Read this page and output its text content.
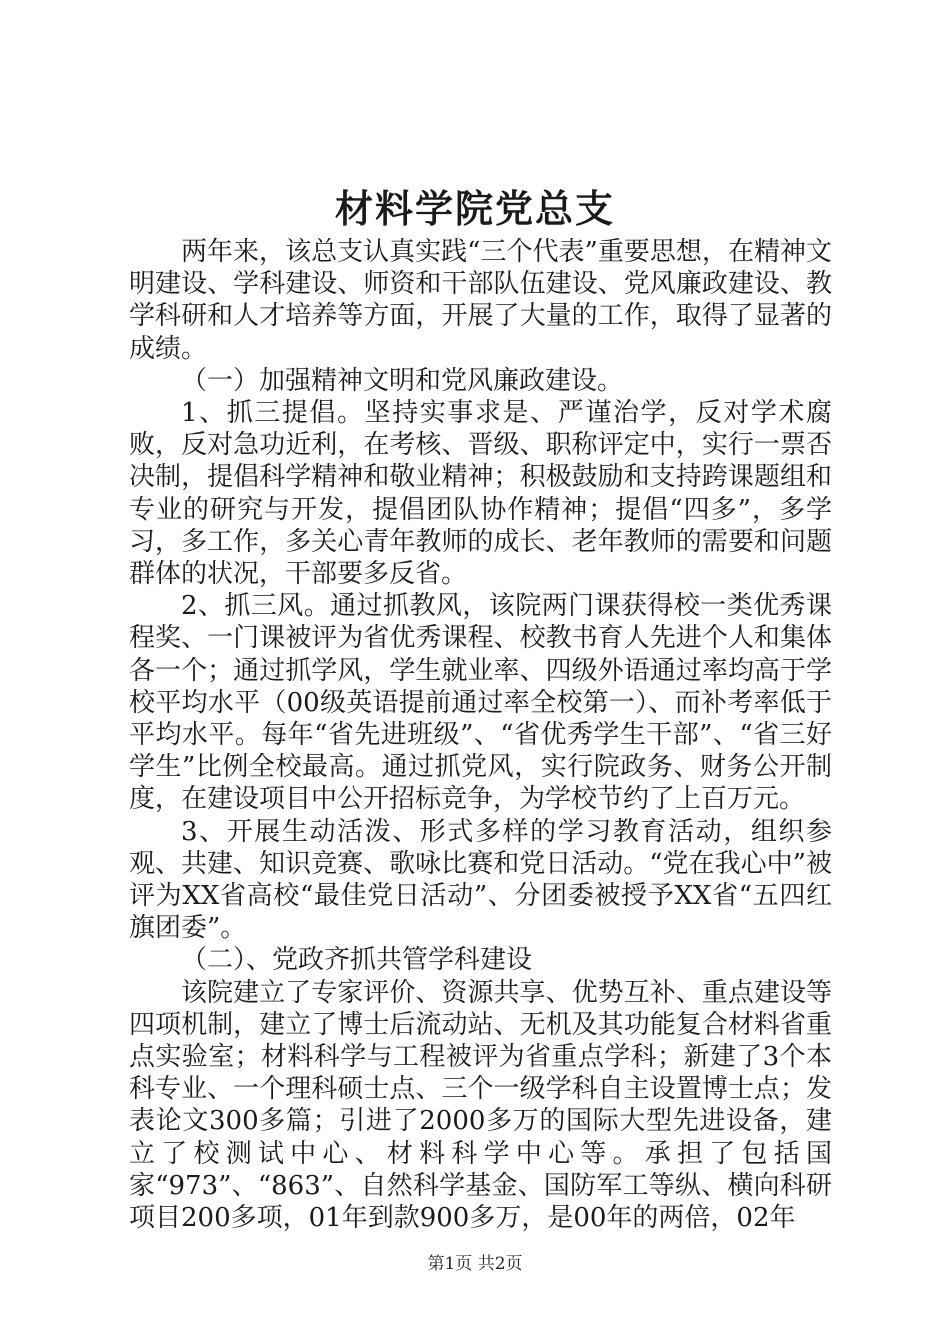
材料学院党总支

两年来，该总支认真实践“三个代表”重要思想，在精神文明建设、学科建设、师资和干部队伍建设、党风廉政建设、教学科研和人才培养等方面，开展了大量的工作，取得了显著的成绩。

（一）加强精神文明和党风廉政建设。

1、抓三提倡。坚持实事求是、严谨治学，反对学术腐败，反对急功近利，在考核、晋级、职称评定中，实行一票否决制，提倡科学精神和敬业精神；积极鼓励和支持跨课题组和专业的研究与开发，提倡团队协作精神；提倡“四多”，多学习，多工作，多关心青年教师的成长、老年教师的需要和问题群体的状况，干部要多反省。

2、抓三风。通过抓教风，该院两门课获得校一类优秀课程奖、一门课被评为省优秀课程、校教书育人先进个人和集体各一个；通过抓学风，学生就业率、四级外语通过率均高于学校平均水平（00级英语提前通过率全校第一）、而补考率低于平均水平。每年“省先进班级”、“省优秀学生干部”、“省三好学生”比例全校最高。通过抓党风，实行院政务、财务公开制度，在建设项目中公开招标竞争，为学校节约了上百万元。

3、开展生动活泼、形式多样的学习教育活动，组织参观、共建、知识竞赛、歌咏比赛和党日活动。“党在我心中”被评为XX省高校“最佳党日活动”、分团委被授予XX省“五四红旗团委”。

（二）、党政齐抓共管学科建设

该院建立了专家评价、资源共享、优势互补、重点建设等四项机制，建立了博士后流动站、无机及其功能复合材料省重点实验室；材料科学与工程被评为省重点学科；新建了3个本科专业、一个理科硕士点、三个一级学科自主设置博士点；发表论文300多篇；引进了2000多万的国际大型先进设备，建立了校测试中心、材料科学中心等。承担了包括国家“973”、“863”、自然科学基金、国防军工等纵、横向科研项目200多项，01年到款900多万，是00年的两倍，02年

第1页 共2页
